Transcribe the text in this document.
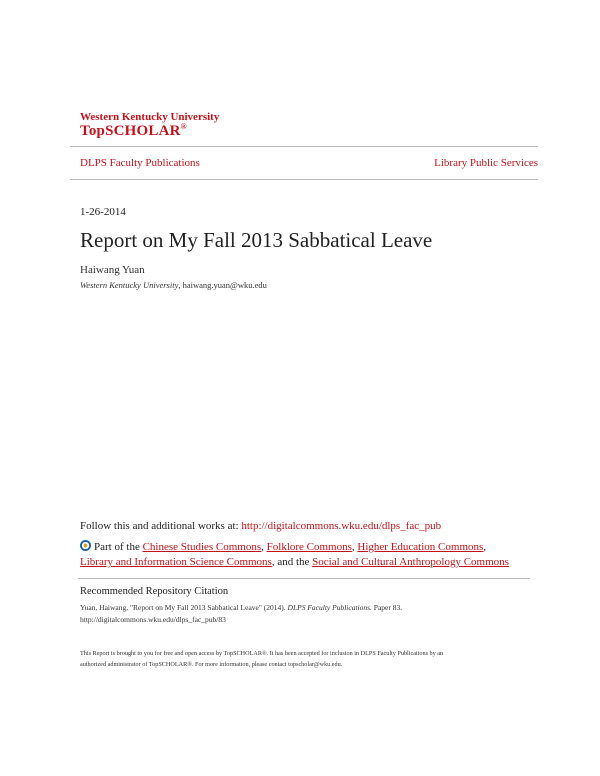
Western Kentucky University
TopSCHOLAR®
DLPS Faculty Publications	Library Public Services
1-26-2014
Report on My Fall 2013 Sabbatical Leave
Haiwang Yuan
Western Kentucky University, haiwang.yuan@wku.edu
Follow this and additional works at: http://digitalcommons.wku.edu/dlps_fac_pub
Part of the Chinese Studies Commons, Folklore Commons, Higher Education Commons,
Library and Information Science Commons, and the Social and Cultural Anthropology Commons
Recommended Repository Citation
Yuan, Haiwang, "Report on My Fall 2013 Sabbatical Leave" (2014). DLPS Faculty Publications. Paper 83.
http://digitalcommons.wku.edu/dlps_fac_pub/83
This Report is brought to you for free and open access by TopSCHOLAR®. It has been accepted for inclusion in DLPS Faculty Publications by an
authorized administrator of TopSCHOLAR®. For more information, please contact topscholar@wku.edu.
